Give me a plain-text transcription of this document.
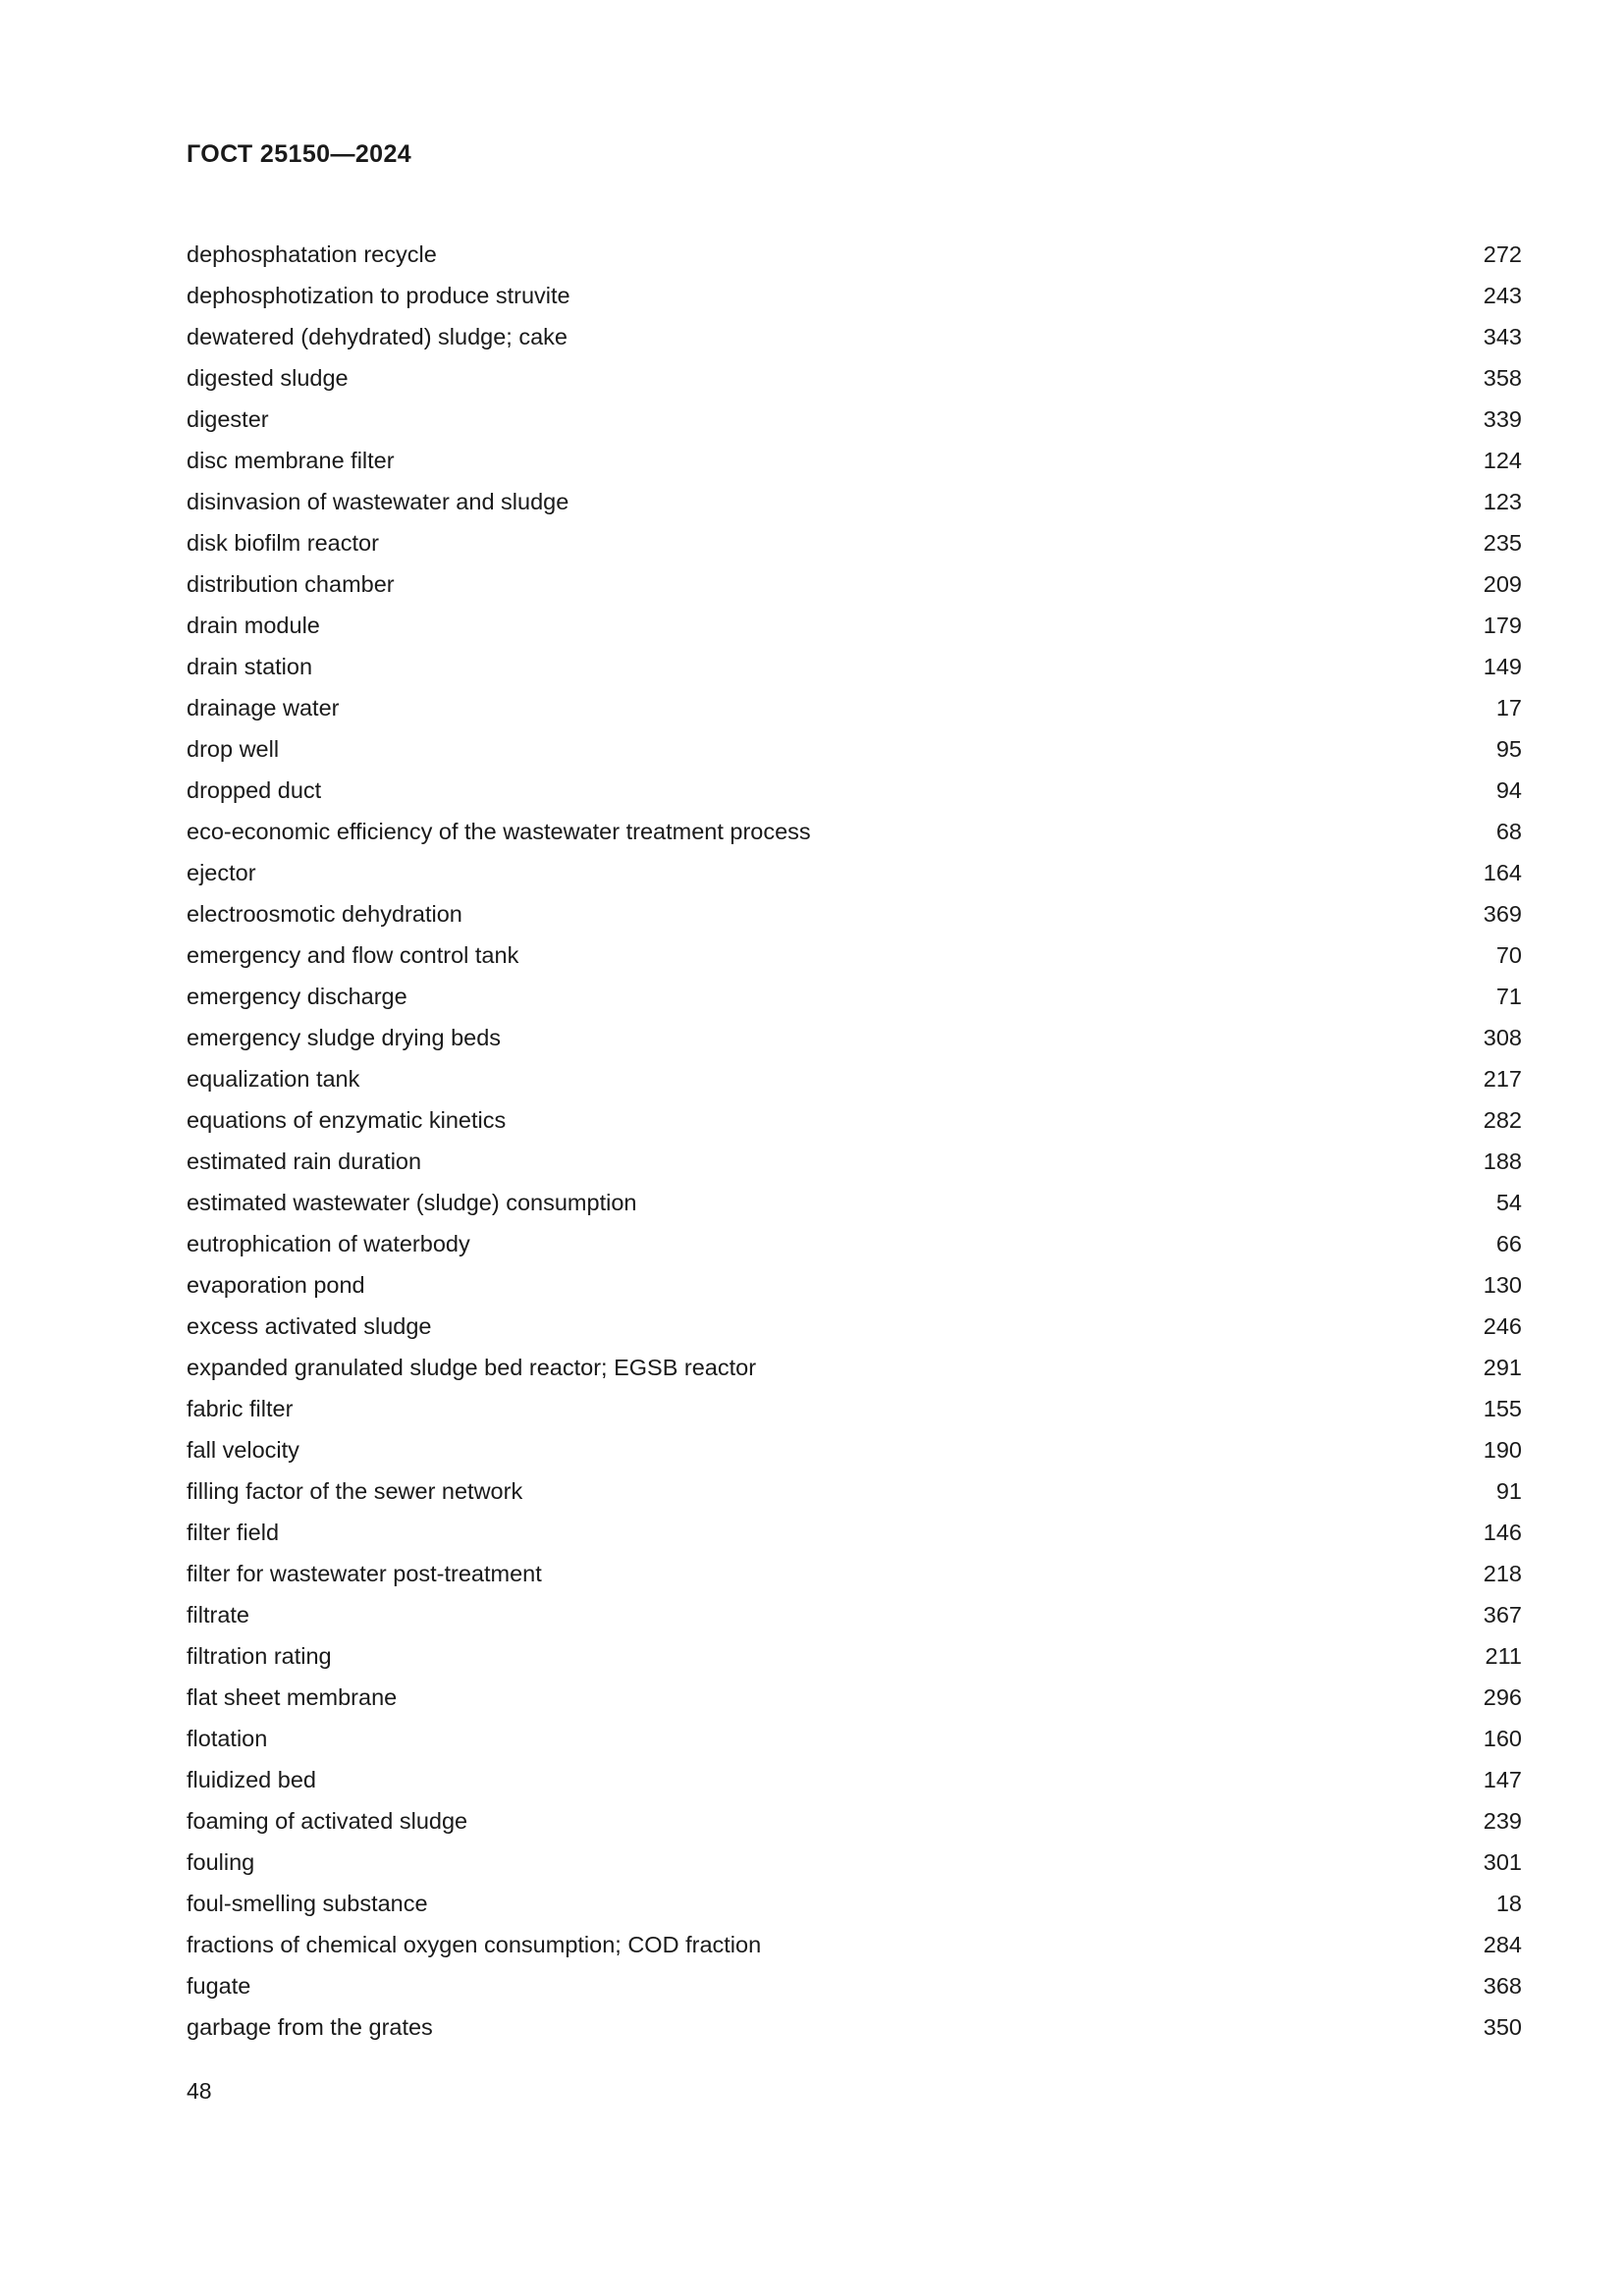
ГОСТ 25150—2024
dephosphatation recycle	272
dephosphotization to produce struvite	243
dewatered (dehydrated) sludge; cake	343
digested sludge	358
digester	339
disc membrane filter	124
disinvasion of wastewater and sludge	123
disk biofilm reactor	235
distribution chamber	209
drain module	179
drain station	149
drainage water	17
drop well	95
dropped duct	94
eco-economic efficiency of the wastewater treatment process	68
ejector	164
electroosmotic dehydration	369
emergency and flow control tank	70
emergency discharge	71
emergency sludge drying beds	308
equalization tank	217
equations of enzymatic kinetics	282
estimated rain duration	188
estimated wastewater (sludge) consumption	54
eutrophication of waterbody	66
evaporation pond	130
excess activated sludge	246
expanded granulated sludge bed reactor; EGSB reactor	291
fabric filter	155
fall velocity	190
filling factor of the sewer network	91
filter field	146
filter for wastewater post-treatment	218
filtrate	367
filtration rating	211
flat sheet membrane	296
flotation	160
fluidized bed	147
foaming of activated sludge	239
fouling	301
foul-smelling substance	18
fractions of chemical oxygen consumption; COD fraction	284
fugate	368
garbage from the grates	350
48
